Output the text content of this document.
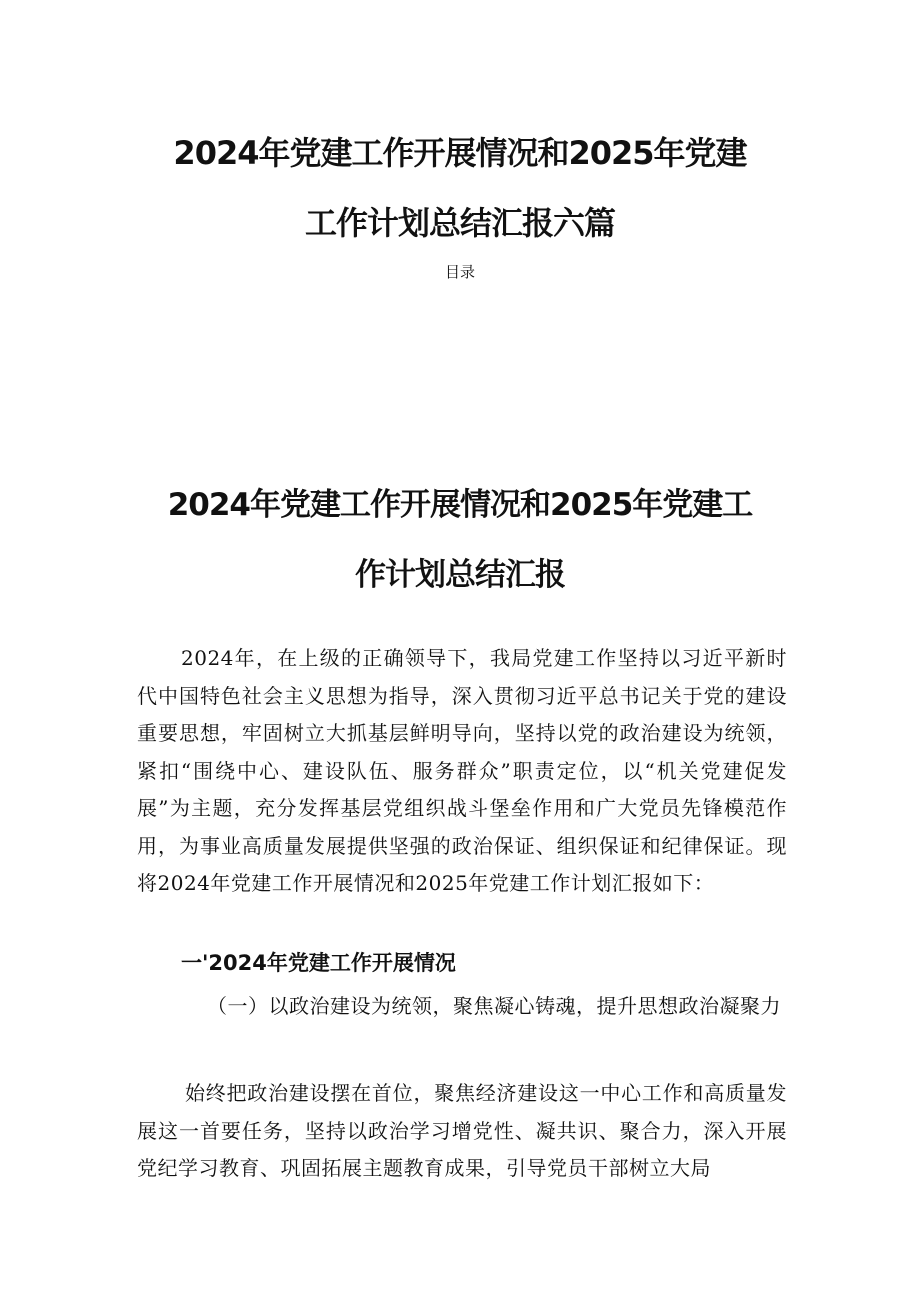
2024年党建工作开展情况和2025年党建
工作计划总结汇报六篇
目录
2024年党建工作开展情况和2025年党建工
作计划总结汇报

2024年，在上级的正确领导下，我局党建工作坚持以习近平新时代中国特色社会主义思想为指导，深入贯彻习近平总书记关于党的建设重要思想，牢固树立大抓基层鲜明导向，坚持以党的政治建设为统领，紧扣“围绕中心、建设队伍、服务群众”职责定位，以“机关党建促发展”为主题，充分发挥基层党组织战斗堡垒作用和广大党员先锋模范作用，为事业高质量发展提供坚强的政治保证、组织保证和纪律保证。现将2024年党建工作开展情况和2025年党建工作计划汇报如下：

一'2024年党建工作开展情况

（一）以政治建设为统领，聚焦凝心铸魂，提升思想政治凝聚力

始终把政治建设摆在首位，聚焦经济建设这一中心工作和高质量发展这一首要任务，坚持以政治学习增党性、凝共识、聚合力，深入开展党纪学习教育、巩固拓展主题教育成果，引导党员干部树立大局
